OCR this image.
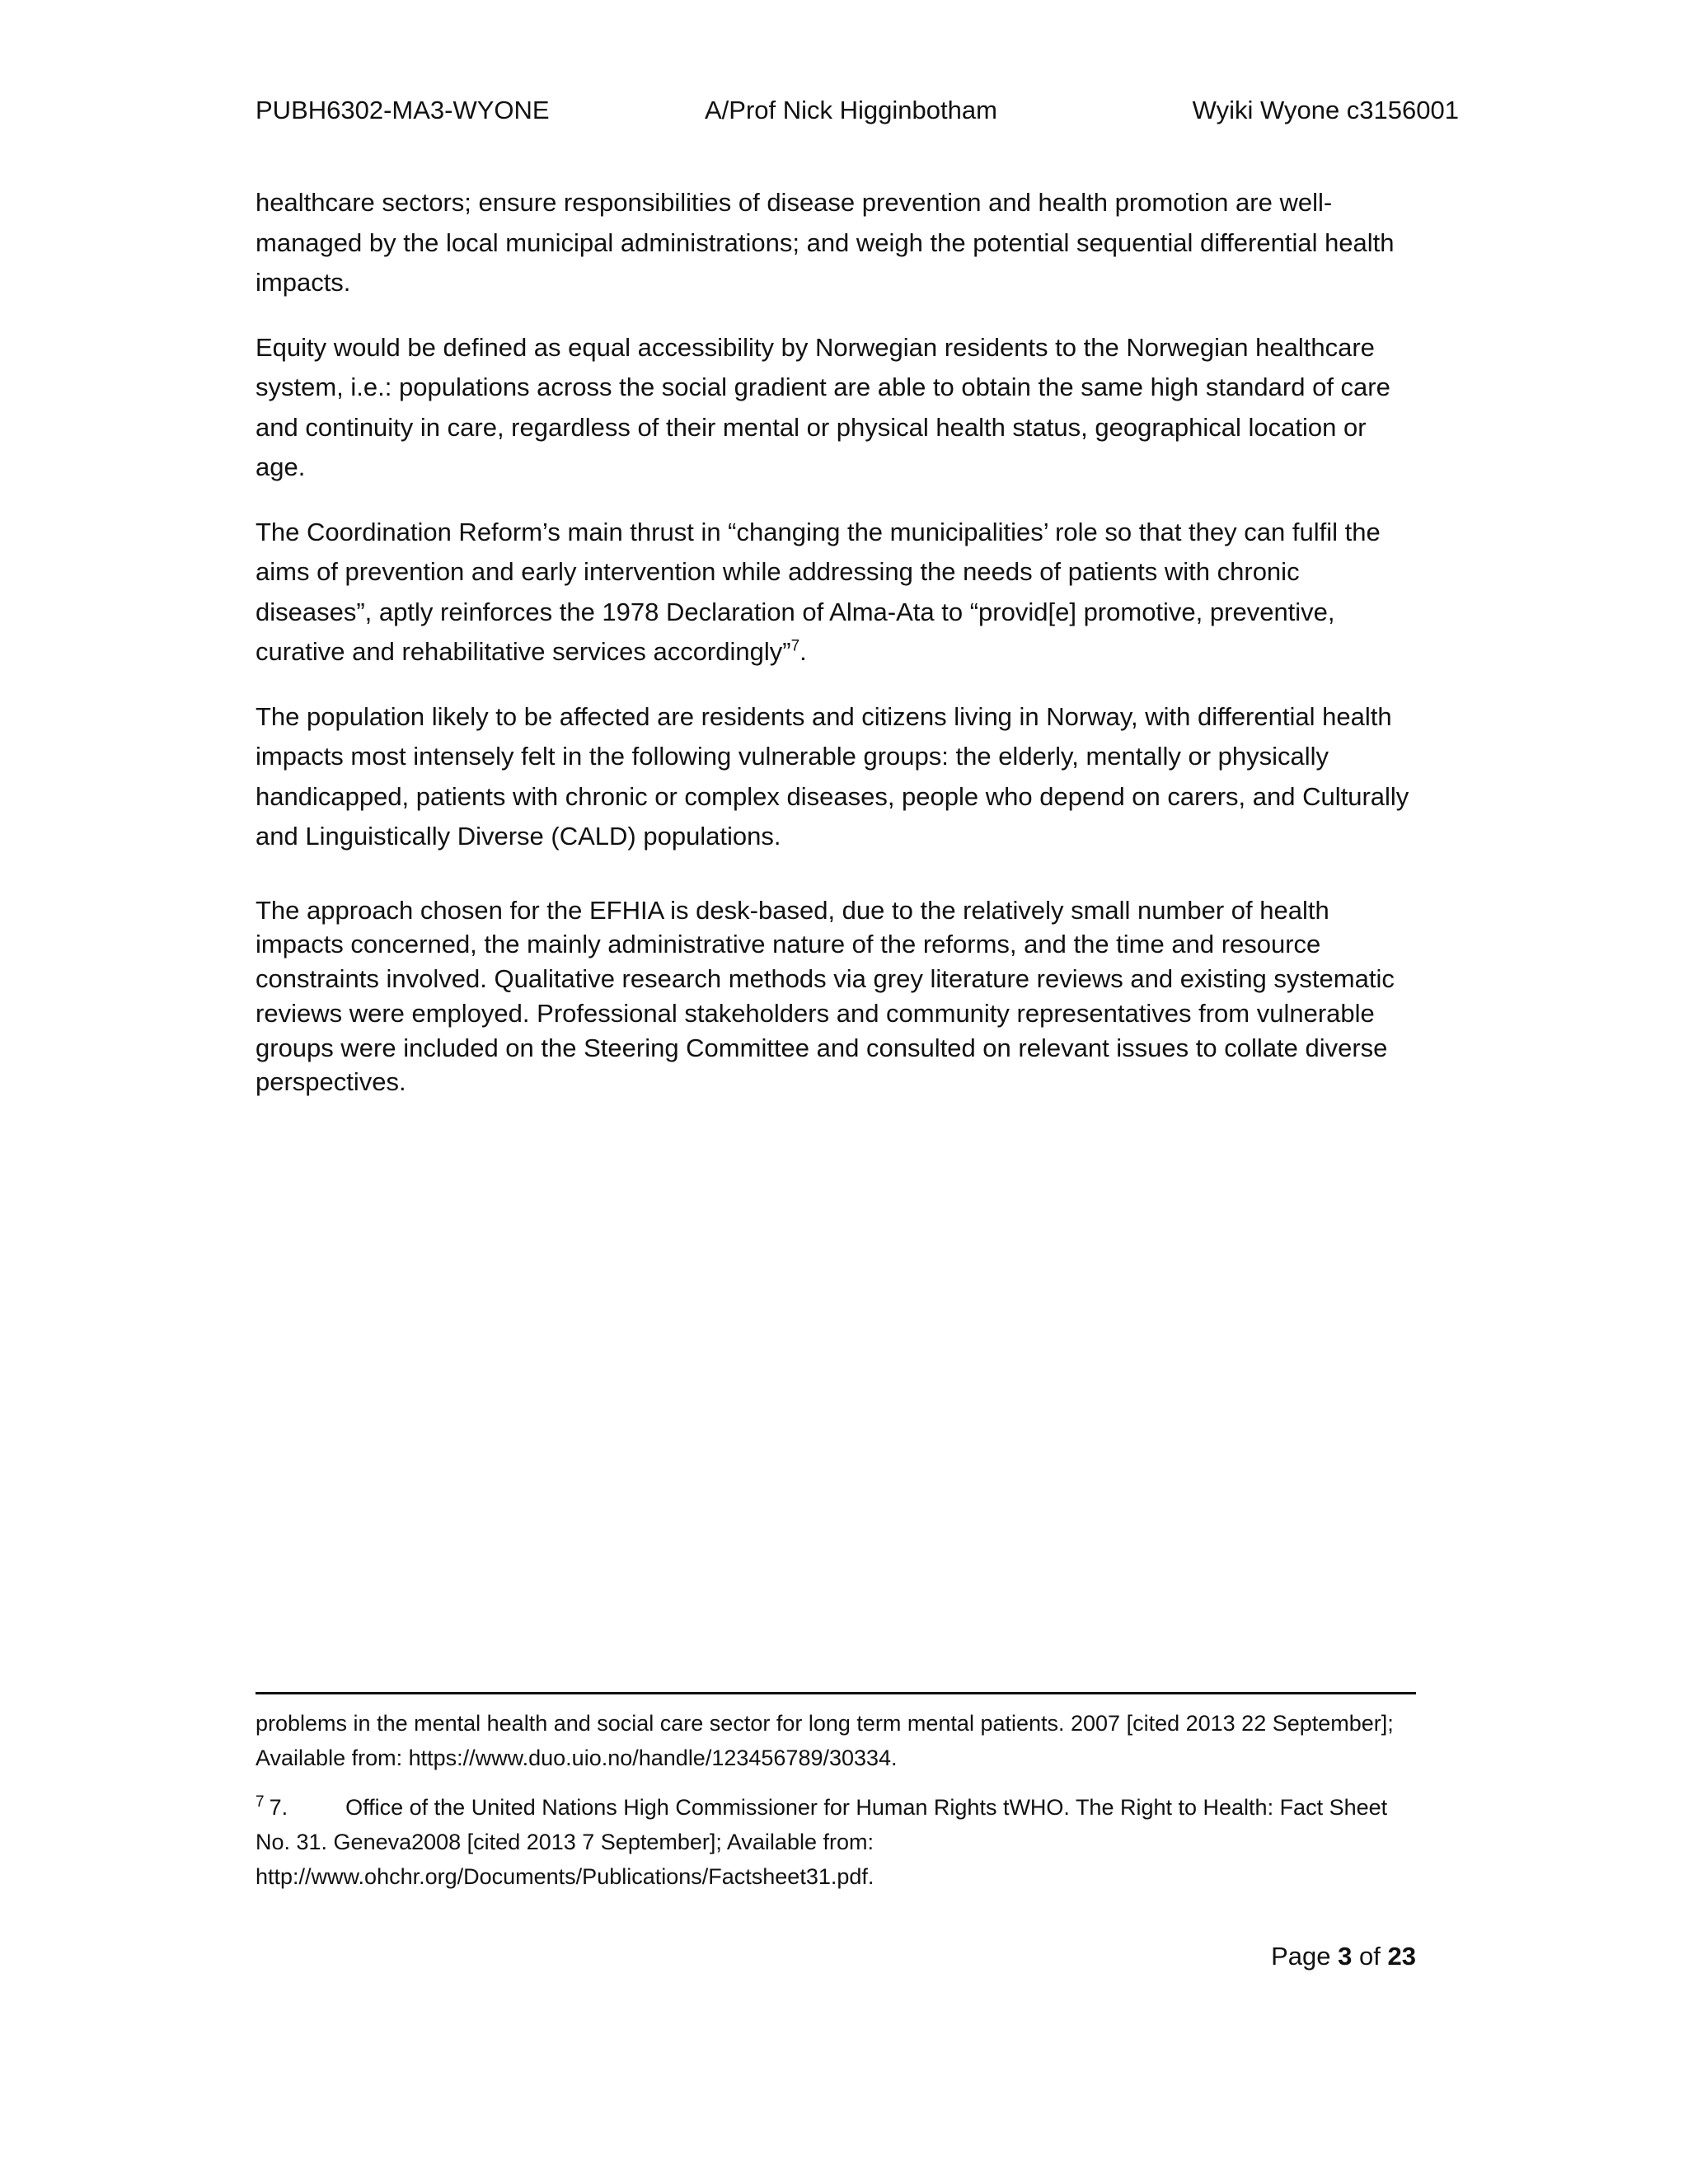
PUBH6302-MA3-WYONE	A/Prof Nick Higginbotham	Wyiki Wyone c3156001

healthcare sectors; ensure responsibilities of disease prevention and health promotion are well-managed by the local municipal administrations; and weigh the potential sequential differential health impacts.

Equity would be defined as equal accessibility by Norwegian residents to the Norwegian healthcare system, i.e.: populations across the social gradient are able to obtain the same high standard of care and continuity in care, regardless of their mental or physical health status, geographical location or age.

The Coordination Reform’s main thrust in “changing the municipalities’ role so that they can fulfil the aims of prevention and early intervention while addressing the needs of patients with chronic diseases”, aptly reinforces the 1978 Declaration of Alma-Ata to “provid[e] promotive, preventive, curative and rehabilitative services accordingly”$^7$.

The population likely to be affected are residents and citizens living in Norway, with differential health impacts most intensely felt in the following vulnerable groups: the elderly, mentally or physically handicapped, patients with chronic or complex diseases, people who depend on carers, and Culturally and Linguistically Diverse (CALD) populations.

The approach chosen for the EFHIA is desk-based, due to the relatively small number of health impacts concerned, the mainly administrative nature of the reforms, and the time and resource constraints involved. Qualitative research methods via grey literature reviews and existing systematic reviews were employed. Professional stakeholders and community representatives from vulnerable groups were included on the Steering Committee and consulted on relevant issues to collate diverse perspectives.

problems in the mental health and social care sector for long term mental patients. 2007 [cited 2013 22 September]; Available from: https://www.duo.uio.no/handle/123456789/30334.

$^7$ 7.	Office of the United Nations High Commissioner for Human Rights tWHO. The Right to Health: Fact Sheet No. 31. Geneva2008 [cited 2013 7 September]; Available from: http://www.ohchr.org/Documents/Publications/Factsheet31.pdf.

Page 3 of 23
